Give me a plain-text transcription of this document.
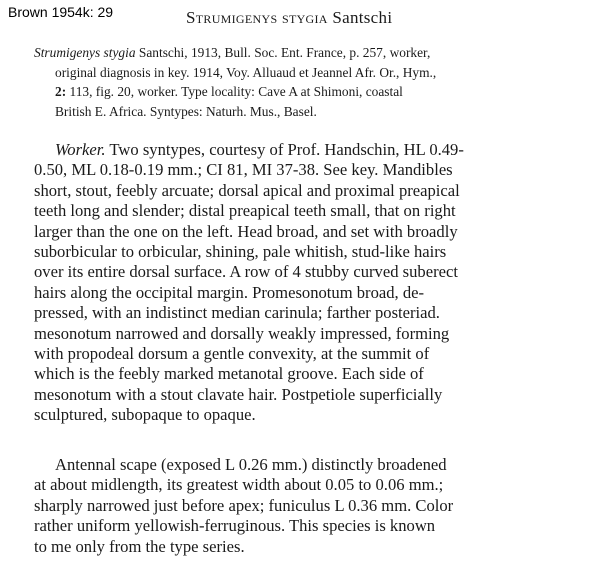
Brown 1954k: 29	Strumigenys stygia Santschi
Strumigenys stygia Santschi, 1913, Bull. Soc. Ent. France, p. 257, worker,
original diagnosis in key. 1914, Voy. Alluaud et Jeannel Afr. Or., Hym.,
2: 113, fig. 20, worker. Type locality: Cave A at Shimoni, coastal
British E. Africa. Syntypes: Naturh. Mus., Basel.
Worker. Two syntypes, courtesy of Prof. Handschin, HL 0.49-
0.50, ML 0.18-0.19 mm.; CI 81, MI 37-38. See key. Mandibles
short, stout, feebly arcuate; dorsal apical and proximal preapical
teeth long and slender; distal preapical teeth small, that on right
larger than the one on the left. Head broad, and set with broadly
suborbicular to orbicular, shining, pale whitish, stud-like hairs
over its entire dorsal surface. A row of 4 stubby curved suberect
hairs along the occipital margin. Promesonotum broad, de-
pressed, with an indistinct median carinula; farther posteriad.
mesonotum narrowed and dorsally weakly impressed, forming
with propodeal dorsum a gentle convexity, at the summit of
which is the feebly marked metanotal groove. Each side of
mesonotum with a stout clavate hair. Postpetiole superficially
sculptured, subopaque to opaque.
Antennal scape (exposed L 0.26 mm.) distinctly broadened
at about midlength, its greatest width about 0.05 to 0.06 mm.;
sharply narrowed just before apex; funiculus L 0.36 mm. Color
rather uniform yellowish-ferruginous. This species is known
to me only from the type series.
